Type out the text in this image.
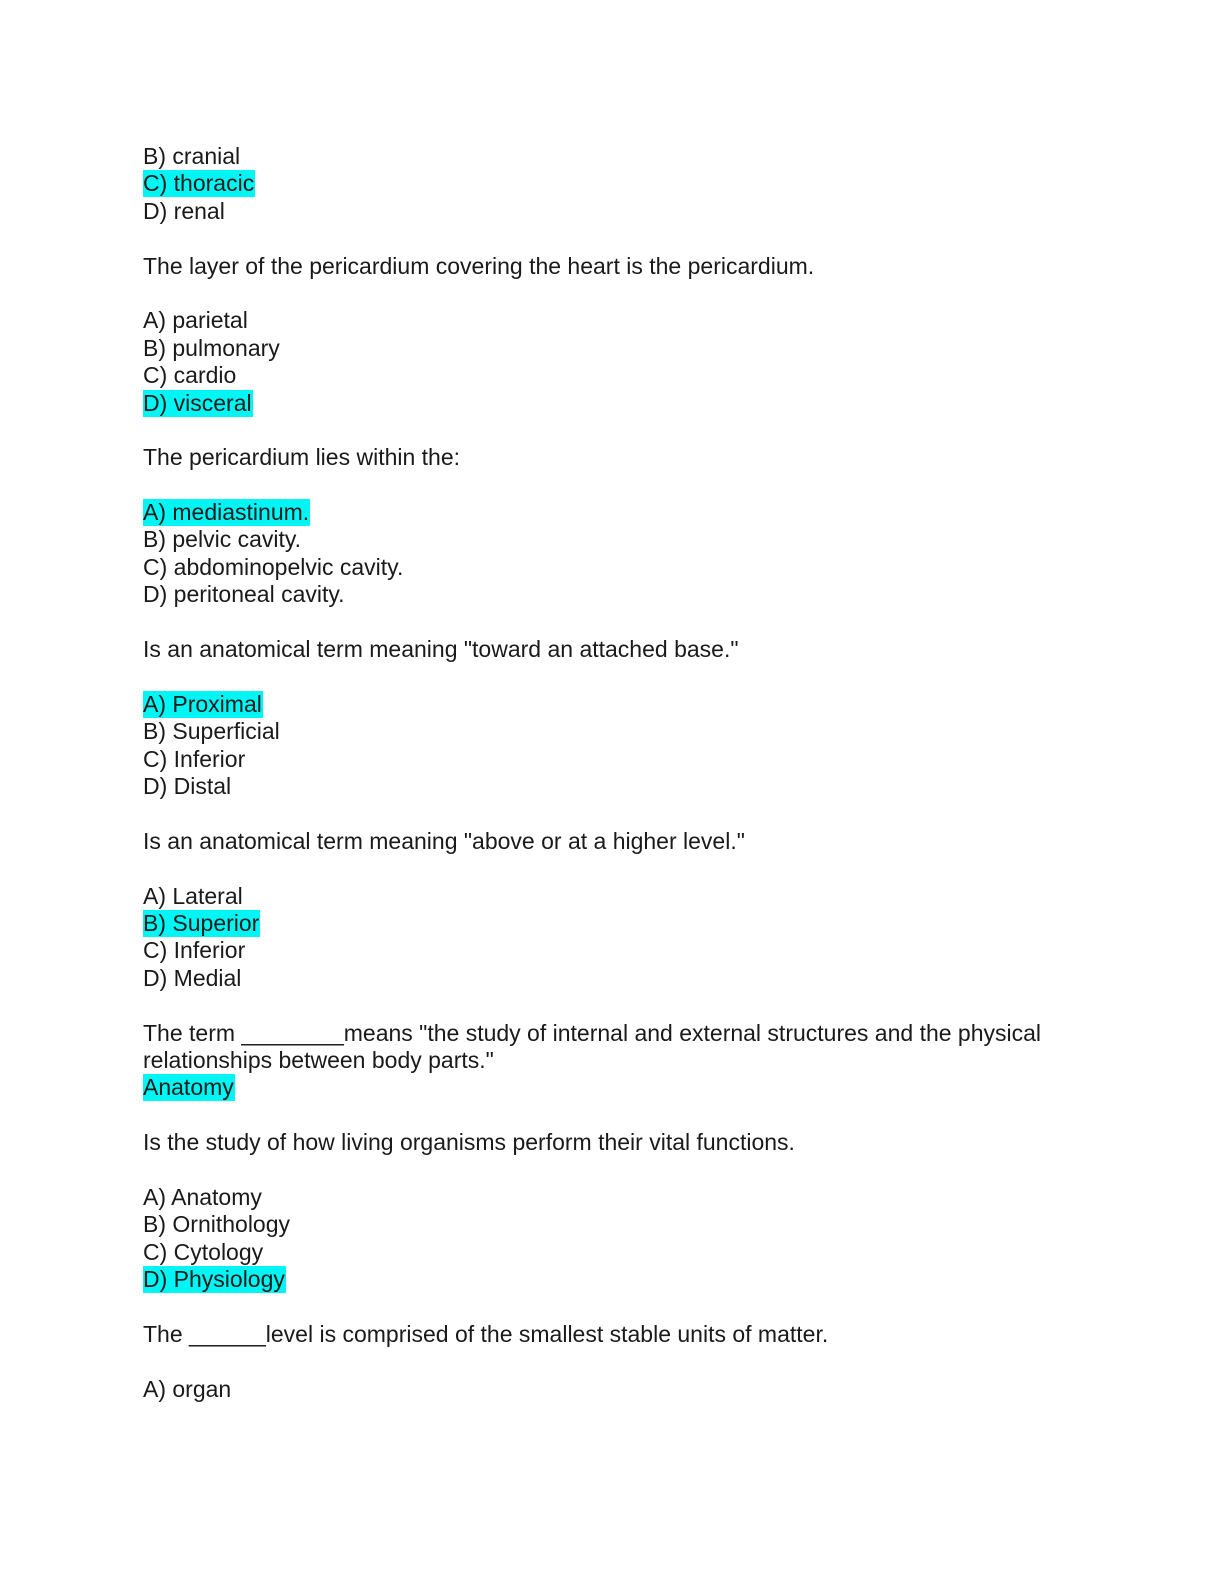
B) cranial
C) thoracic
D) renal
The layer of the pericardium covering the heart is the pericardium.
A) parietal
B) pulmonary
C) cardio
D) visceral
The pericardium lies within the:
A) mediastinum.
B) pelvic cavity.
C) abdominopelvic cavity.
D) peritoneal cavity.
Is an anatomical term meaning "toward an attached base."
A) Proximal
B) Superficial
C) Inferior
D) Distal
Is an anatomical term meaning "above or at a higher level."
A) Lateral
B) Superior
C) Inferior
D) Medial
The term ________means "the study of internal and external structures and the physical relationships between body parts."
Anatomy
Is the study of how living organisms perform their vital functions.
A) Anatomy
B) Ornithology
C) Cytology
D) Physiology
The ______level is comprised of the smallest stable units of matter.
A) organ
